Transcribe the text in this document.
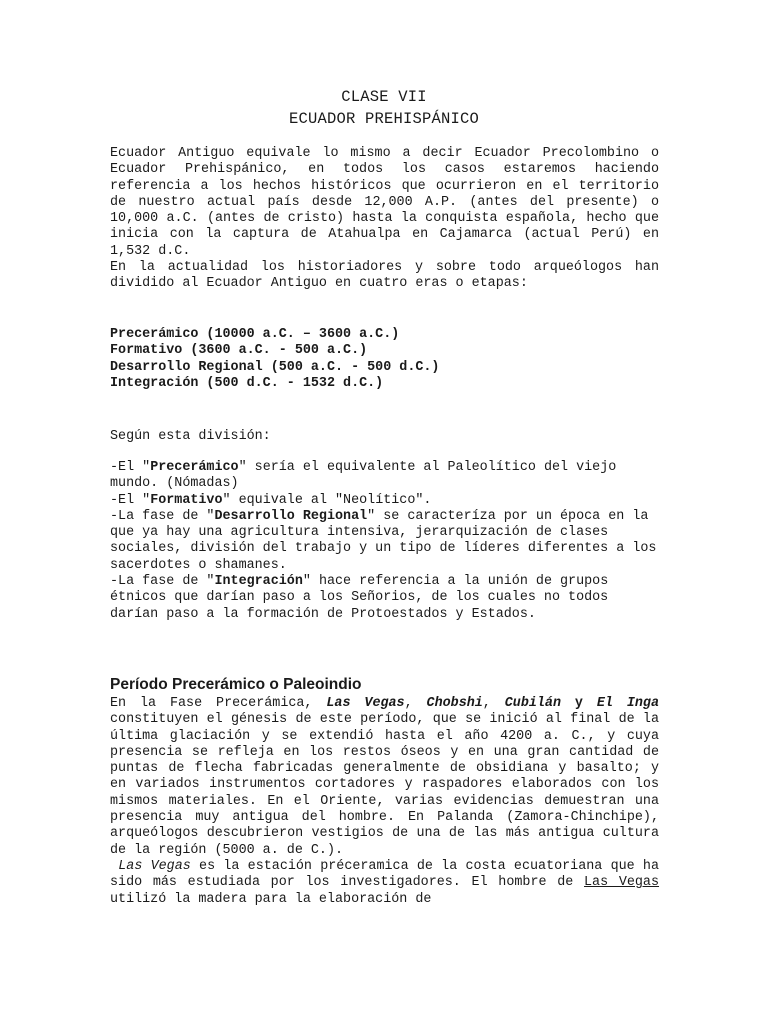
CLASE VII
ECUADOR PREHISPÁNICO

Ecuador Antiguo equivale lo mismo a decir Ecuador Precolombino o Ecuador Prehispánico, en todos los casos estaremos haciendo referencia a los hechos históricos que ocurrieron en el territorio de nuestro actual país desde 12,000 A.P. (antes del presente) o 10,000 a.C. (antes de cristo) hasta la conquista española, hecho que inicia con la captura de Atahualpa en Cajamarca (actual Perú) en 1,532 d.C.

En la actualidad los historiadores y sobre todo arqueólogos han dividido al Ecuador Antiguo en cuatro eras o etapas:

Precerámico (10000 a.C. – 3600 a.C.)
Formativo (3600 a.C. - 500 a.C.)
Desarrollo Regional (500 a.C. - 500 d.C.)
Integración (500 d.C. - 1532 d.C.)
Según esta división:
-El "Precerámico" sería el equivalente al Paleolítico del viejo mundo. (Nómadas)
-El "Formativo" equivale al "Neolítico".
-La fase de "Desarrollo Regional" se caracteríza por un época en la que ya hay una agricultura intensiva, jerarquización de clases sociales, división del trabajo y un tipo de líderes diferentes a los sacerdotes o shamanes.
-La fase de "Integración" hace referencia a la unión de grupos étnicos que darían paso a los Señorios, de los cuales no todos darían paso a la formación de Protoestados y Estados.
Período Precerámico o Paleoindio

En la Fase Precerámica, Las Vegas, Chobshi, Cubilán y El Inga constituyen el génesis de este período, que se inició al final de la última glaciación y se extendió hasta el año 4200 a. C., y cuya presencia se refleja en los restos óseos y en una gran cantidad de puntas de flecha fabricadas generalmente de obsidiana y basalto; y en variados instrumentos cortadores y raspadores elaborados con los mismos materiales. En el Oriente, varias evidencias demuestran una presencia muy antigua del hombre. En Palanda (Zamora-Chinchipe), arqueólogos descubrieron vestigios de una de las más antigua cultura de la región (5000 a. de C.).

Las Vegas es la estación préceramica de la costa ecuatoriana que ha sido más estudiada por los investigadores. El hombre de Las Vegas utilizó la madera para la elaboración de
